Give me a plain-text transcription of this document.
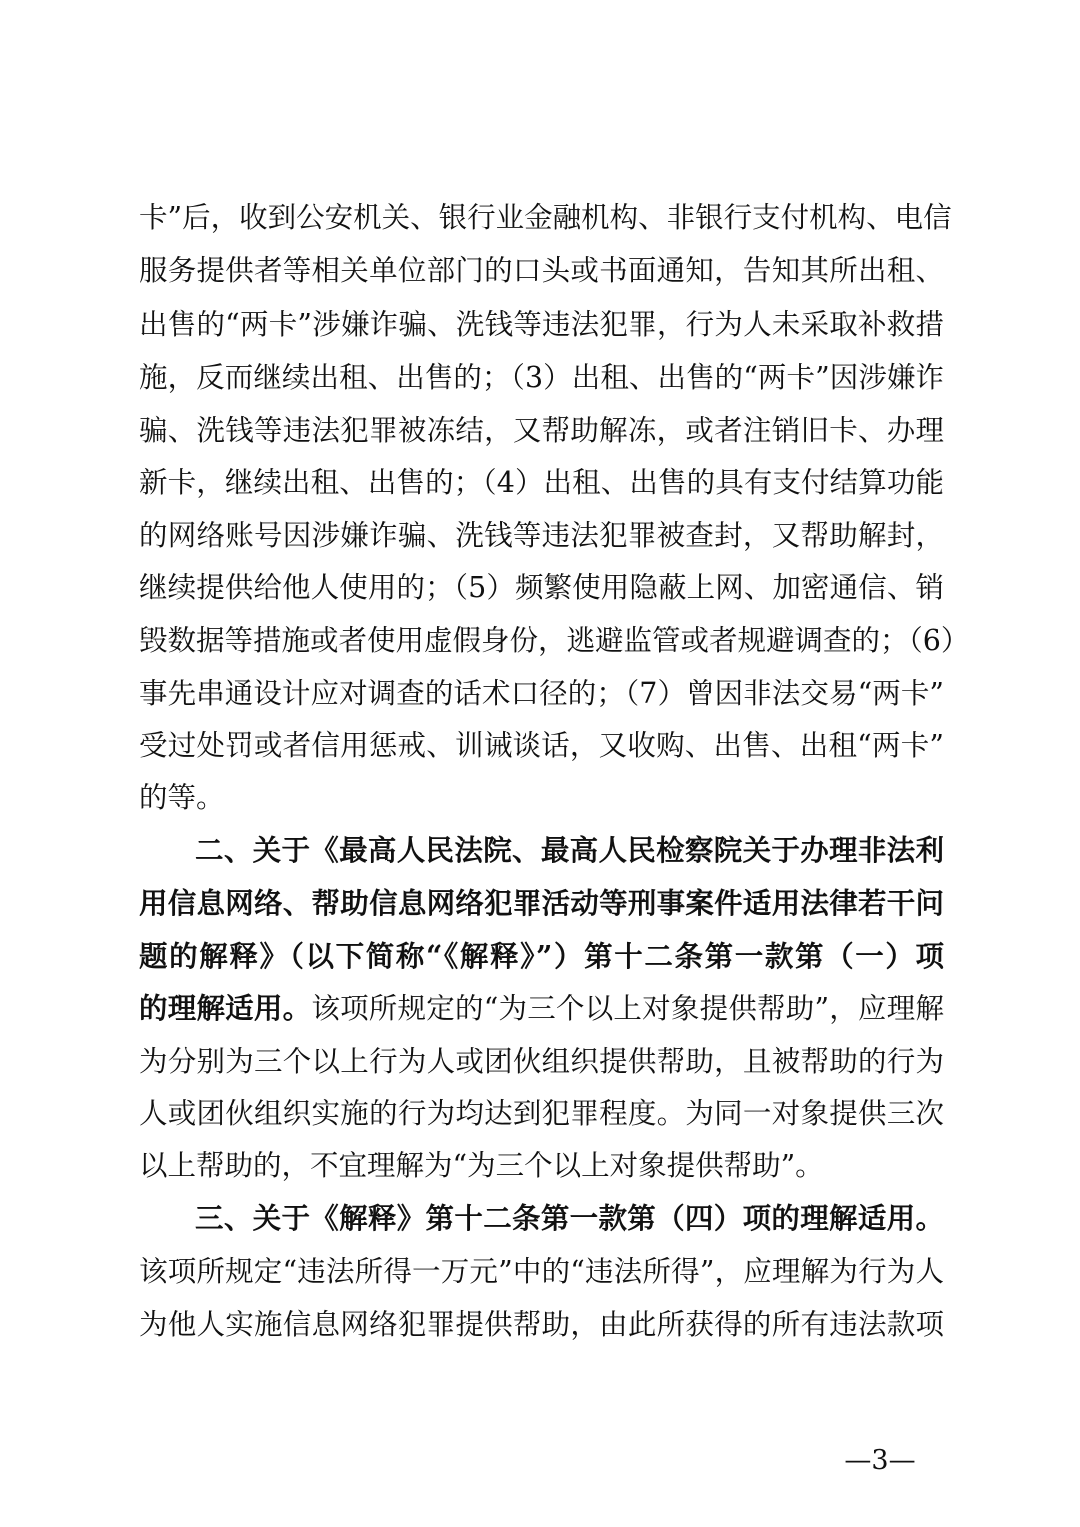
卡”后，收到公安机关、银行业金融机构、非银行支付机构、电信
服务提供者等相关单位部门的口头或书面通知，告知其所出租、
出售的“两卡”涉嫌诈骗、洗钱等违法犯罪，行为人未采取补救措
施，反而继续出租、出售的；（3）出租、出售的“两卡”因涉嫌诈
骗、洗钱等违法犯罪被冻结，又帮助解冻，或者注销旧卡、办理
新卡，继续出租、出售的；（4）出租、出售的具有支付结算功能
的网络账号因涉嫌诈骗、洗钱等违法犯罪被查封，又帮助解封，
继续提供给他人使用的；（5）频繁使用隐蔽上网、加密通信、销
毁数据等措施或者使用虚假身份，逃避监管或者规避调查的；（6）
事先串通设计应对调查的话术口径的；（7）曾因非法交易“两卡”
受过处罚或者信用惩戒、训诫谈话，又收购、出售、出租“两卡”
的等。
二、关于《最高人民法院、最高人民检察院关于办理非法利
用信息网络、帮助信息网络犯罪活动等刑事案件适用法律若干问
题的解释》（以下简称“《解释》”）第十二条第一款第（一）项
的理解适用。该项所规定的“为三个以上对象提供帮助”，应理解
为分别为三个以上行为人或团伙组织提供帮助，且被帮助的行为
人或团伙组织实施的行为均达到犯罪程度。为同一对象提供三次
以上帮助的，不宜理解为“为三个以上对象提供帮助”。
三、关于《解释》第十二条第一款第（四）项的理解适用。
该项所规定“违法所得一万元”中的“违法所得”，应理解为行为人
为他人实施信息网络犯罪提供帮助，由此所获得的所有违法款项
—3—
